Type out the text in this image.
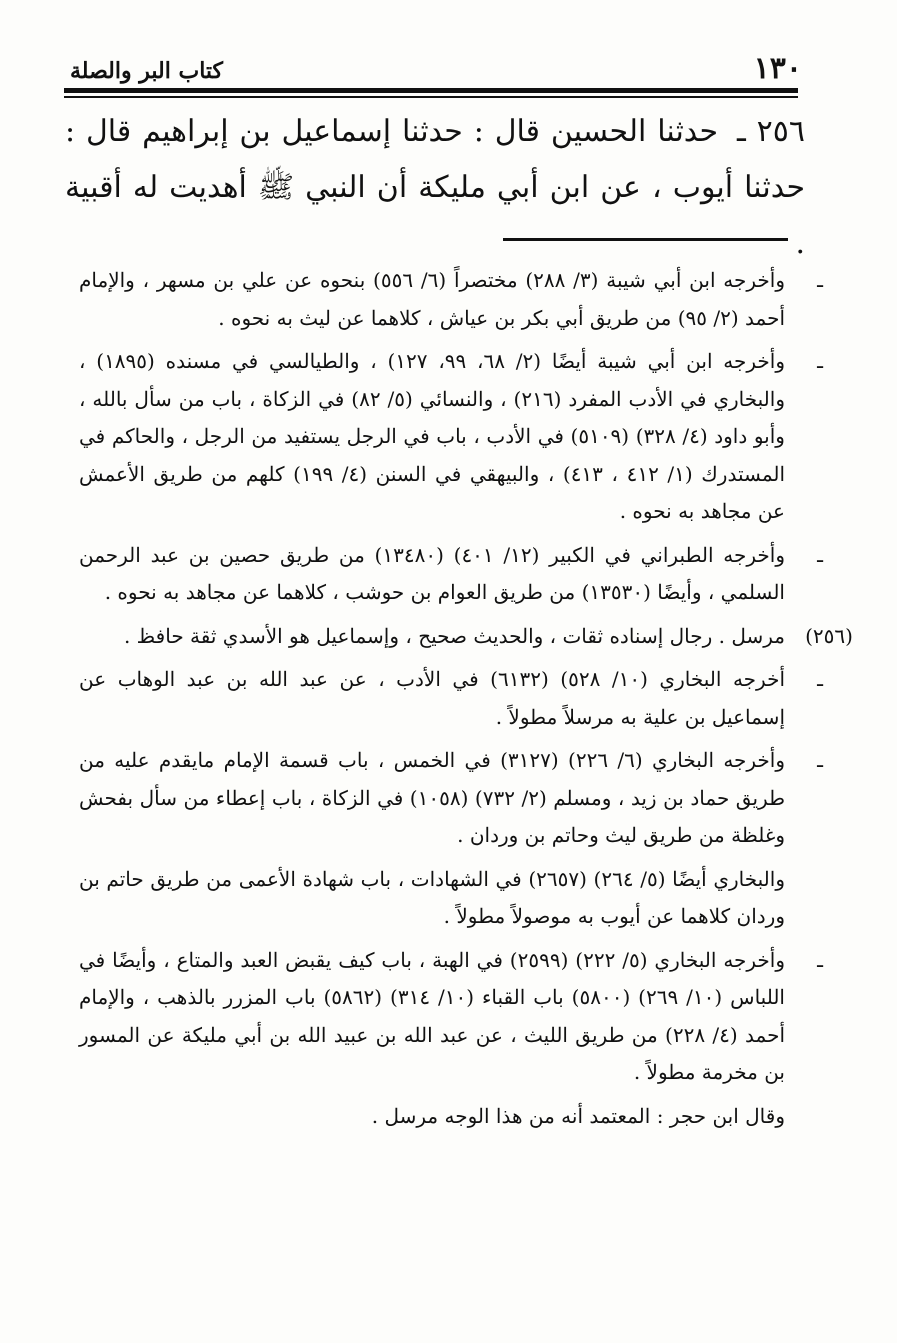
١٣٠
كتاب البر والصلة

٢٥٦ ـ حدثنا الحسين قال : حدثنا إسماعيل بن إبراهيم قال : حدثنا أيوب ، عن ابن أبي مليكة أن النبي ﷺ أهديت له أقبية .

ـ

وأخرجه ابن أبي شيبة (٣/ ٢٨٨) مختصراً (٦/ ٥٥٦) بنحوه عن علي بن مسهر ، والإمام أحمد (٢/ ٩٥) من طريق أبي بكر بن عياش ، كلاهما عن ليث به نحوه .

ـ

وأخرجه ابن أبي شيبة أيضًا (٢/ ٦٨، ٩٩، ١٢٧) ، والطيالسي في مسنده (١٨٩٥) ، والبخاري في الأدب المفرد (٢١٦) ، والنسائي (٥/ ٨٢) في الزكاة ، باب من سأل بالله ، وأبو داود (٤/ ٣٢٨) (٥١٠٩) في الأدب ، باب في الرجل يستفيد من الرجل ، والحاكم في المستدرك (١/ ٤١٢ ، ٤١٣) ، والبيهقي في السنن (٤/ ١٩٩) كلهم من طريق الأعمش عن مجاهد به نحوه .

ـ

وأخرجه الطبراني في الكبير (١٢/ ٤٠١) (١٣٤٨٠) من طريق حصين بن عبد الرحمن السلمي ، وأيضًا (١٣٥٣٠) من طريق العوام بن حوشب ، كلاهما عن مجاهد به نحوه .

(٢٥٦)

مرسل . رجال إسناده ثقات ، والحديث صحيح ، وإسماعيل هو الأسدي ثقة حافظ .

ـ

أخرجه البخاري (١٠/ ٥٢٨) (٦١٣٢) في الأدب ، عن عبد الله بن عبد الوهاب عن إسماعيل بن علية به مرسلاً مطولاً .

ـ

وأخرجه البخاري (٦/ ٢٢٦) (٣١٢٧) في الخمس ، باب قسمة الإمام مايقدم عليه من طريق حماد بن زيد ، ومسلم (٢/ ٧٣٢) (١٠٥٨) في الزكاة ، باب إعطاء من سأل بفحش وغلظة من طريق ليث وحاتم بن وردان .

والبخاري أيضًا (٥/ ٢٦٤) (٢٦٥٧) في الشهادات ، باب شهادة الأعمى من طريق حاتم بن وردان كلاهما عن أيوب به موصولاً مطولاً .

ـ

وأخرجه البخاري (٥/ ٢٢٢) (٢٥٩٩) في الهبة ، باب كيف يقبض العبد والمتاع ، وأيضًا في اللباس (١٠/ ٢٦٩) (٥٨٠٠) باب القباء (١٠/ ٣١٤) (٥٨٦٢) باب المزرر بالذهب ، والإمام أحمد (٤/ ٢٢٨) من طريق الليث ، عن عبد الله بن عبيد الله بن أبي مليكة عن المسور بن مخرمة مطولاً .

وقال ابن حجر : المعتمد أنه من هذا الوجه مرسل .
